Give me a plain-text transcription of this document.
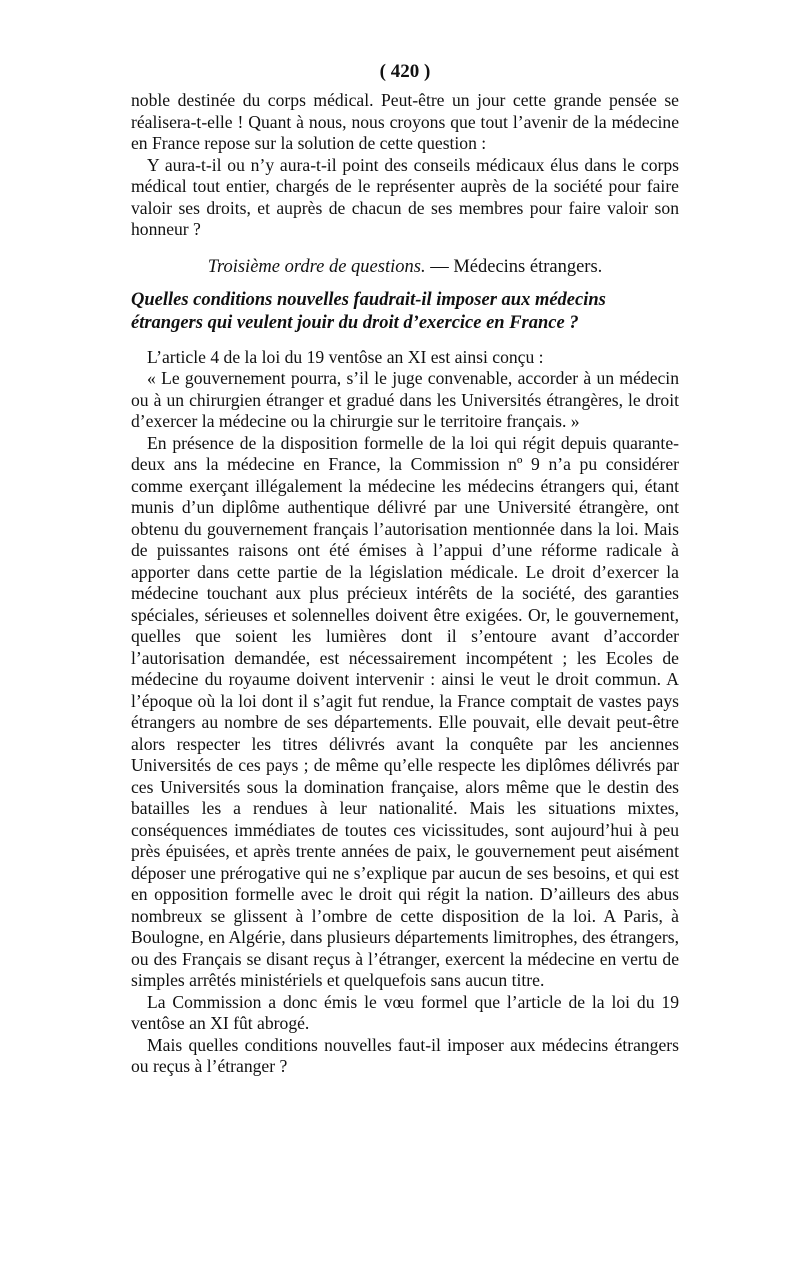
( 420 )

noble destinée du corps médical. Peut-être un jour cette grande pensée se réalisera-t-elle ! Quant à nous, nous croyons que tout l’avenir de la médecine en France repose sur la solution de cette question :

Y aura-t-il ou n’y aura-t-il point des conseils médicaux élus dans le corps médical tout entier, chargés de le représenter auprès de la société pour faire valoir ses droits, et auprès de chacun de ses membres pour faire valoir son honneur ?

Troisième ordre de questions. — Médecins étrangers.
Quelles conditions nouvelles faudrait-il imposer aux médecins étrangers qui veulent jouir du droit d’exercice en France ?

L’article 4 de la loi du 19 ventôse an XI est ainsi conçu :

« Le gouvernement pourra, s’il le juge convenable, accorder à un médecin ou à un chirurgien étranger et gradué dans les Universités étrangères, le droit d’exercer la médecine ou la chirurgie sur le territoire français. »

En présence de la disposition formelle de la loi qui régit depuis quarante-deux ans la médecine en France, la Commission nº 9 n’a pu considérer comme exerçant illégalement la médecine les médecins étrangers qui, étant munis d’un diplôme authentique délivré par une Université étrangère, ont obtenu du gouvernement français l’autorisation mentionnée dans la loi. Mais de puissantes raisons ont été émises à l’appui d’une réforme radicale à apporter dans cette partie de la législation médicale. Le droit d’exercer la médecine touchant aux plus précieux intérêts de la société, des garanties spéciales, sérieuses et solennelles doivent être exigées. Or, le gouvernement, quelles que soient les lumières dont il s’entoure avant d’accorder l’autorisation demandée, est nécessairement incompétent ; les Ecoles de médecine du royaume doivent intervenir : ainsi le veut le droit commun. A l’époque où la loi dont il s’agit fut rendue, la France comptait de vastes pays étrangers au nombre de ses départements. Elle pouvait, elle devait peut-être alors respecter les titres délivrés avant la conquête par les anciennes Universités de ces pays ; de même qu’elle respecte les diplômes délivrés par ces Universités sous la domination française, alors même que le destin des batailles les a rendues à leur nationalité. Mais les situations mixtes, conséquences immédiates de toutes ces vicissitudes, sont aujourd’hui à peu près épuisées, et après trente années de paix, le gouvernement peut aisément déposer une prérogative qui ne s’explique par aucun de ses besoins, et qui est en opposition formelle avec le droit qui régit la nation. D’ailleurs des abus nombreux se glissent à l’ombre de cette disposition de la loi. A Paris, à Boulogne, en Algérie, dans plusieurs départements limitrophes, des étrangers, ou des Français se disant reçus à l’étranger, exercent la médecine en vertu de simples arrêtés ministériels et quelquefois sans aucun titre.

La Commission a donc émis le vœu formel que l’article de la loi du 19 ventôse an XI fût abrogé.

Mais quelles conditions nouvelles faut-il imposer aux médecins étrangers ou reçus à l’étranger ?
